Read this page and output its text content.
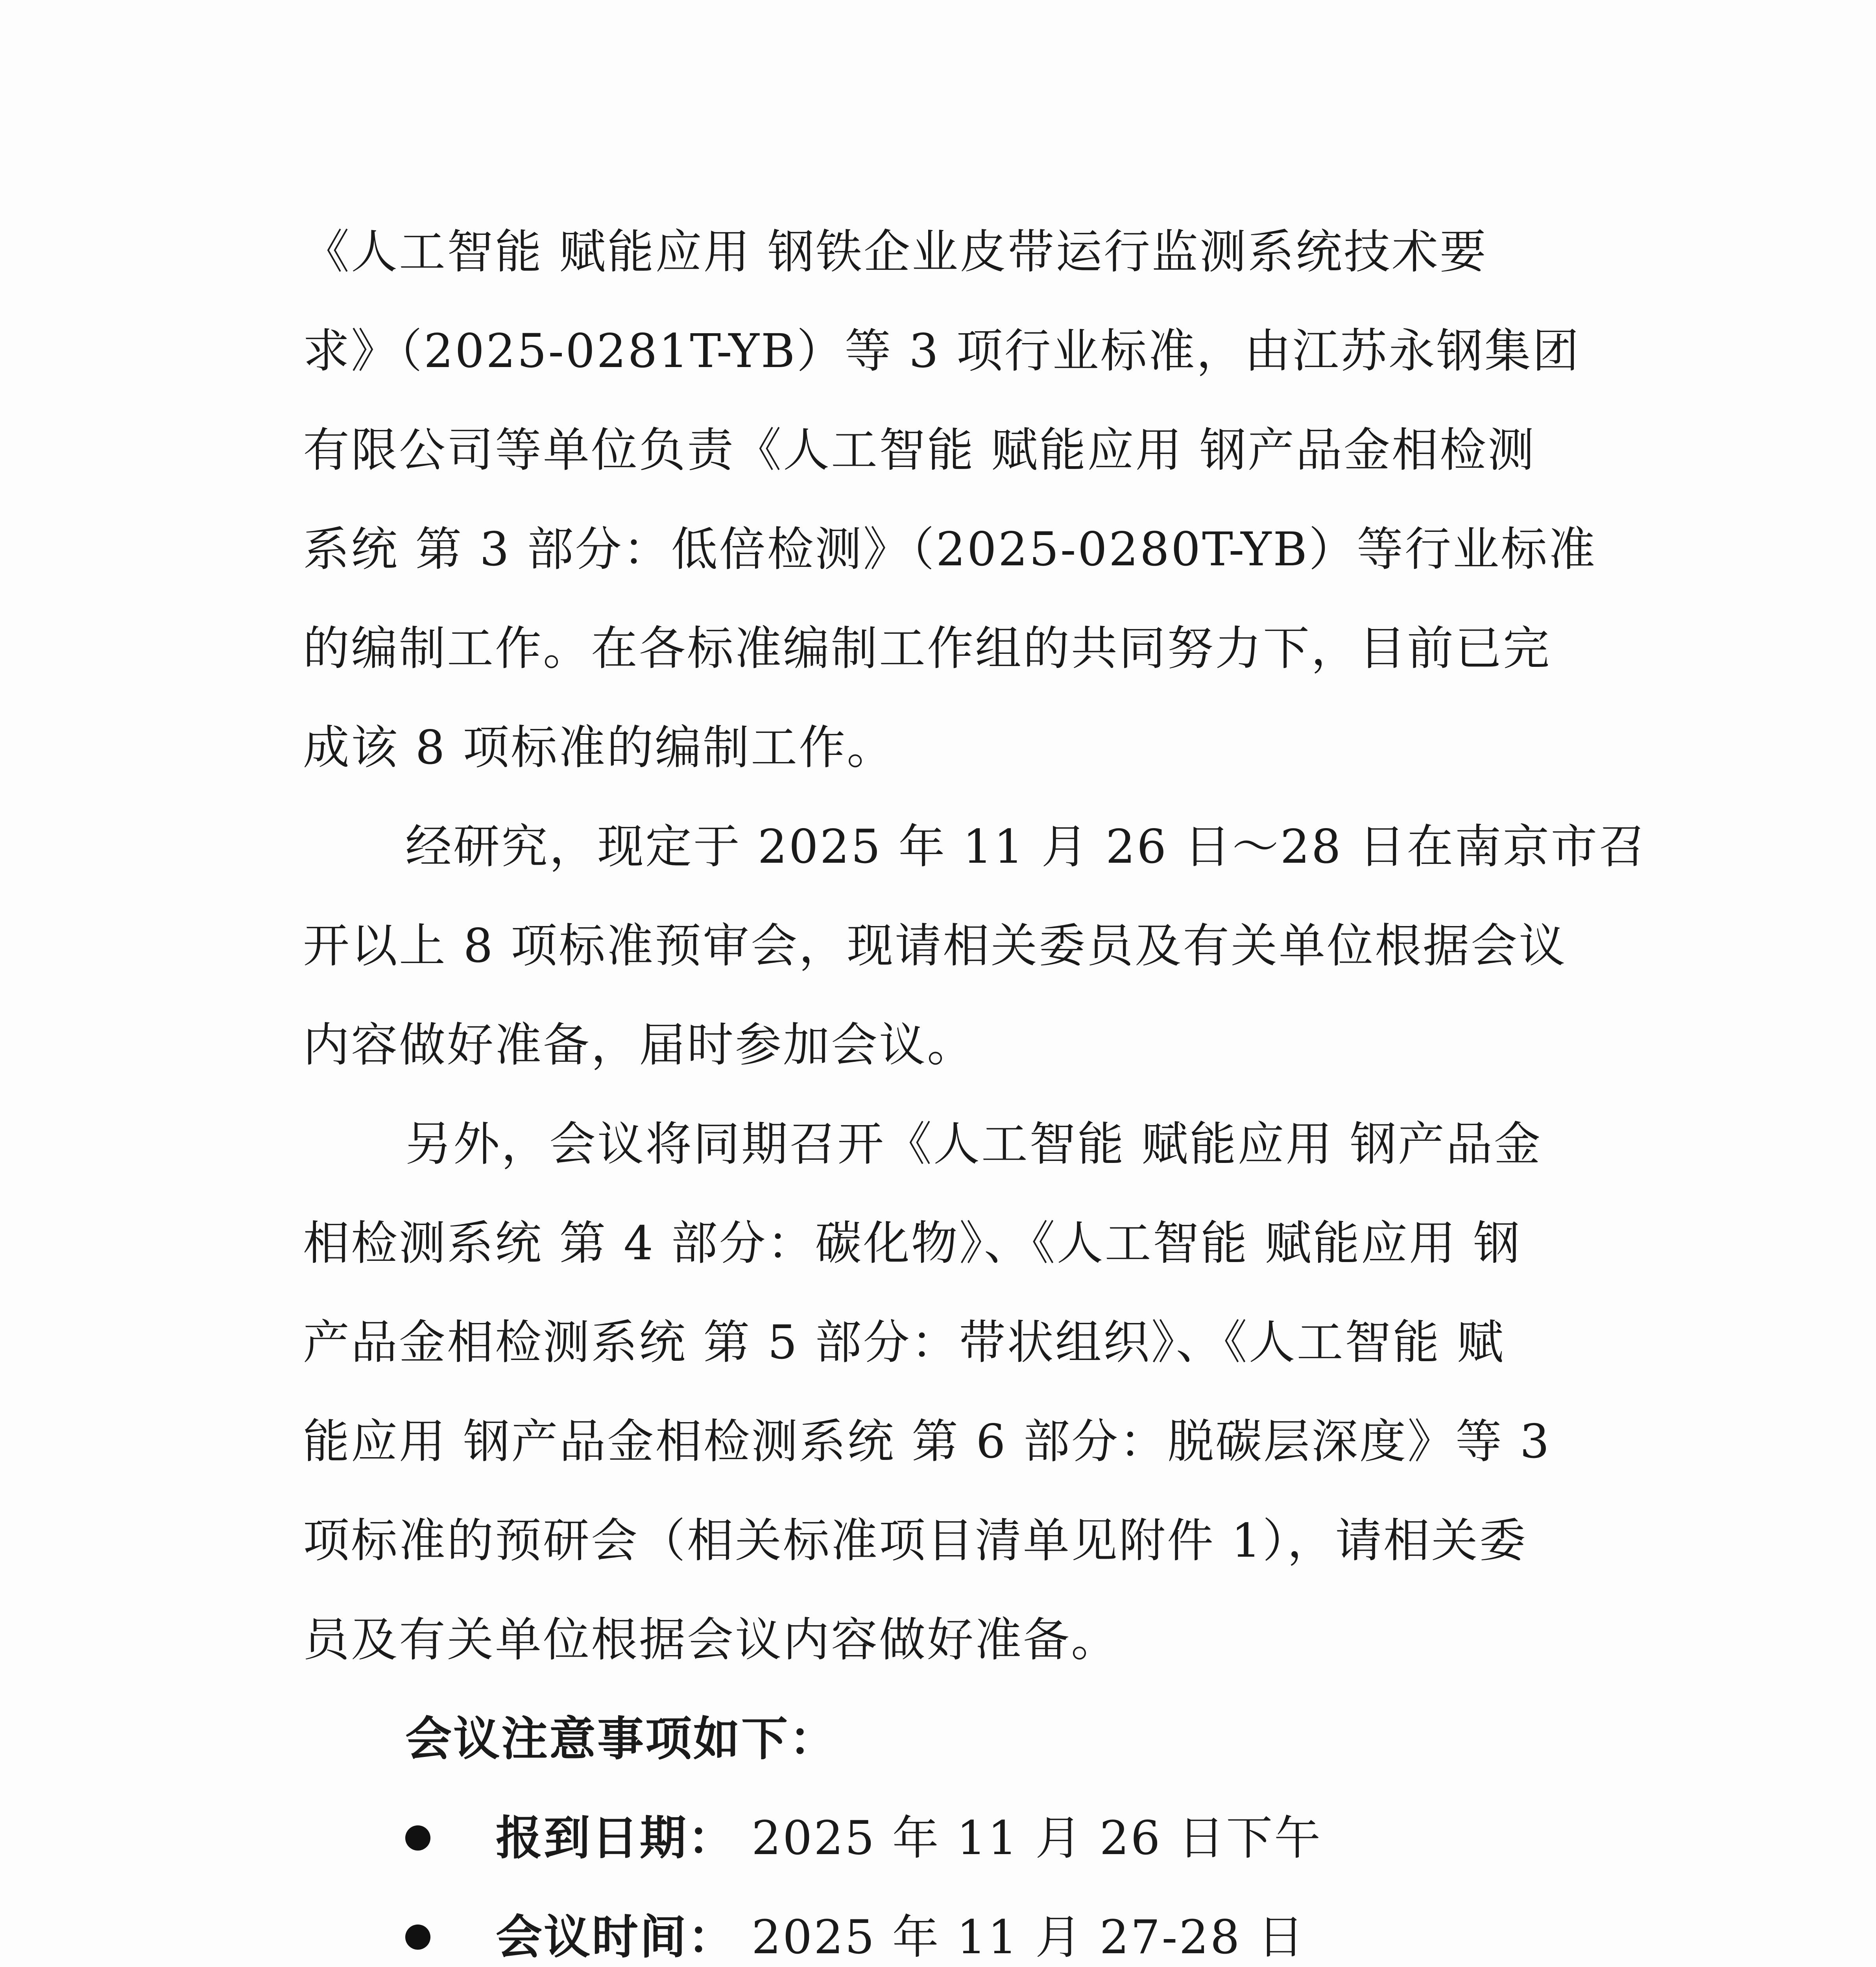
《人工智能 赋能应用 钢铁企业皮带运行监测系统技术要
求》（2025-0281T-YB）等 3 项行业标准，由江苏永钢集团
有限公司等单位负责《人工智能 赋能应用 钢产品金相检测
系统 第 3 部分：低倍检测》（2025-0280T-YB）等行业标准
的编制工作。在各标准编制工作组的共同努力下，目前已完
成该 8 项标准的编制工作。
经研究，现定于 2025 年 11 月 26 日～28 日在南京市召
开以上 8 项标准预审会，现请相关委员及有关单位根据会议
内容做好准备，届时参加会议。
另外，会议将同期召开《人工智能 赋能应用 钢产品金
相检测系统 第 4 部分：碳化物》、《人工智能 赋能应用 钢
产品金相检测系统 第 5 部分：带状组织》、《人工智能 赋
能应用 钢产品金相检测系统 第 6 部分：脱碳层深度》等 3
项标准的预研会（相关标准项目清单见附件 1），请相关委
员及有关单位根据会议内容做好准备。
会议注意事项如下：
报到日期： 2025 年 11 月 26 日下午
会议时间： 2025 年 11 月 27-28 日
